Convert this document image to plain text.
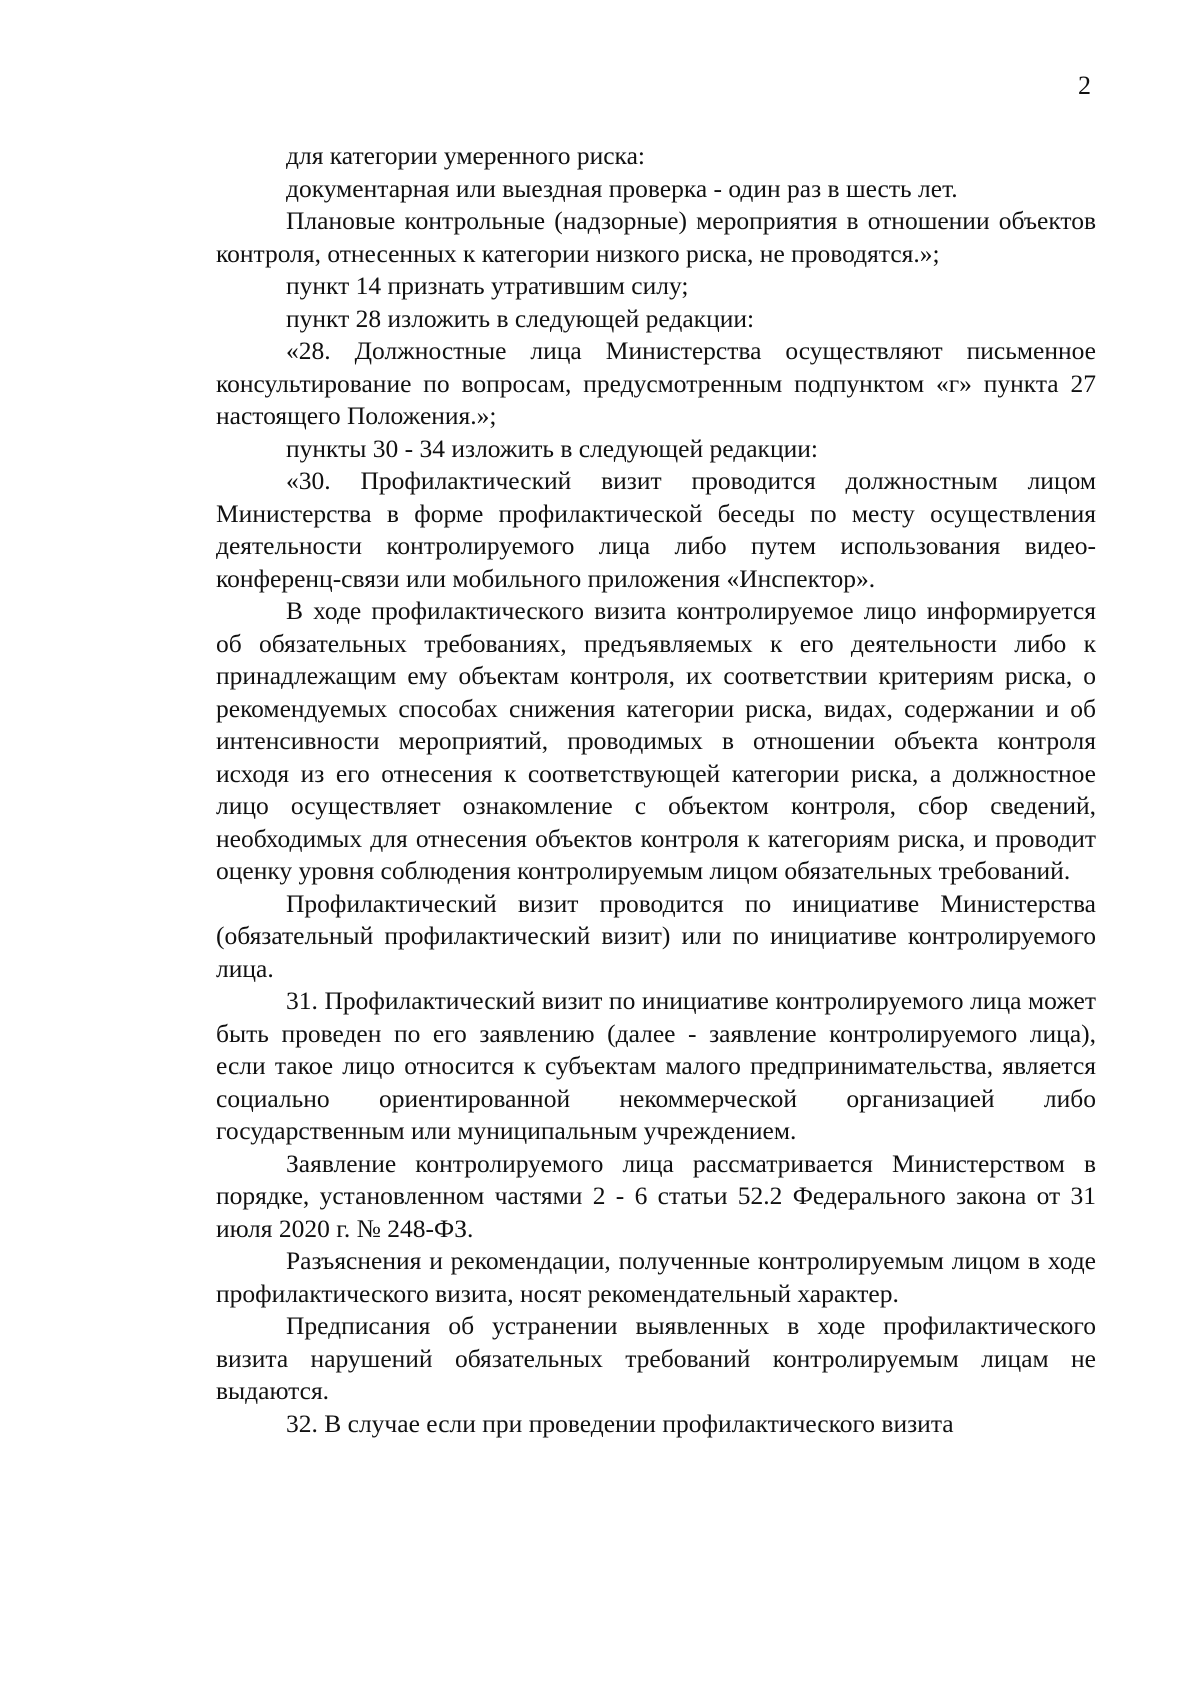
2

для категории умеренного риска:

документарная или выездная проверка - один раз в шесть лет.

Плановые контрольные (надзорные) мероприятия в отношении объектов контроля, отнесенных к категории низкого риска, не проводятся.»;

пункт 14 признать утратившим силу;

пункт 28 изложить в следующей редакции:

«28. Должностные лица Министерства осуществляют письменное консультирование по вопросам, предусмотренным подпунктом «г» пункта 27 настоящего Положения.»;

пункты 30 - 34 изложить в следующей редакции:

«30. Профилактический визит проводится должностным лицом Министерства в форме профилактической беседы по месту осуществления деятельности контролируемого лица либо путем использования видео-конференц-связи или мобильного приложения «Инспектор».

В ходе профилактического визита контролируемое лицо информируется об обязательных требованиях, предъявляемых к его деятельности либо к принадлежащим ему объектам контроля, их соответствии критериям риска, о рекомендуемых способах снижения категории риска, видах, содержании и об интенсивности мероприятий, проводимых в отношении объекта контроля исходя из его отнесения к соответствующей категории риска, а должностное лицо осуществляет ознакомление с объектом контроля, сбор сведений, необходимых для отнесения объектов контроля к категориям риска, и проводит оценку уровня соблюдения контролируемым лицом обязательных требований.

Профилактический визит проводится по инициативе Министерства (обязательный профилактический визит) или по инициативе контролируемого лица.

31. Профилактический визит по инициативе контролируемого лица может быть проведен по его заявлению (далее - заявление контролируемого лица), если такое лицо относится к субъектам малого предпринимательства, является социально ориентированной некоммерческой организацией либо государственным или муниципальным учреждением.

Заявление контролируемого лица рассматривается Министерством в порядке, установленном частями 2 - 6 статьи 52.2 Федерального закона от 31 июля 2020 г. № 248-ФЗ.

Разъяснения и рекомендации, полученные контролируемым лицом в ходе профилактического визита, носят рекомендательный характер.

Предписания об устранении выявленных в ходе профилактического визита нарушений обязательных требований контролируемым лицам не выдаются.

32. В случае если при проведении профилактического визита
